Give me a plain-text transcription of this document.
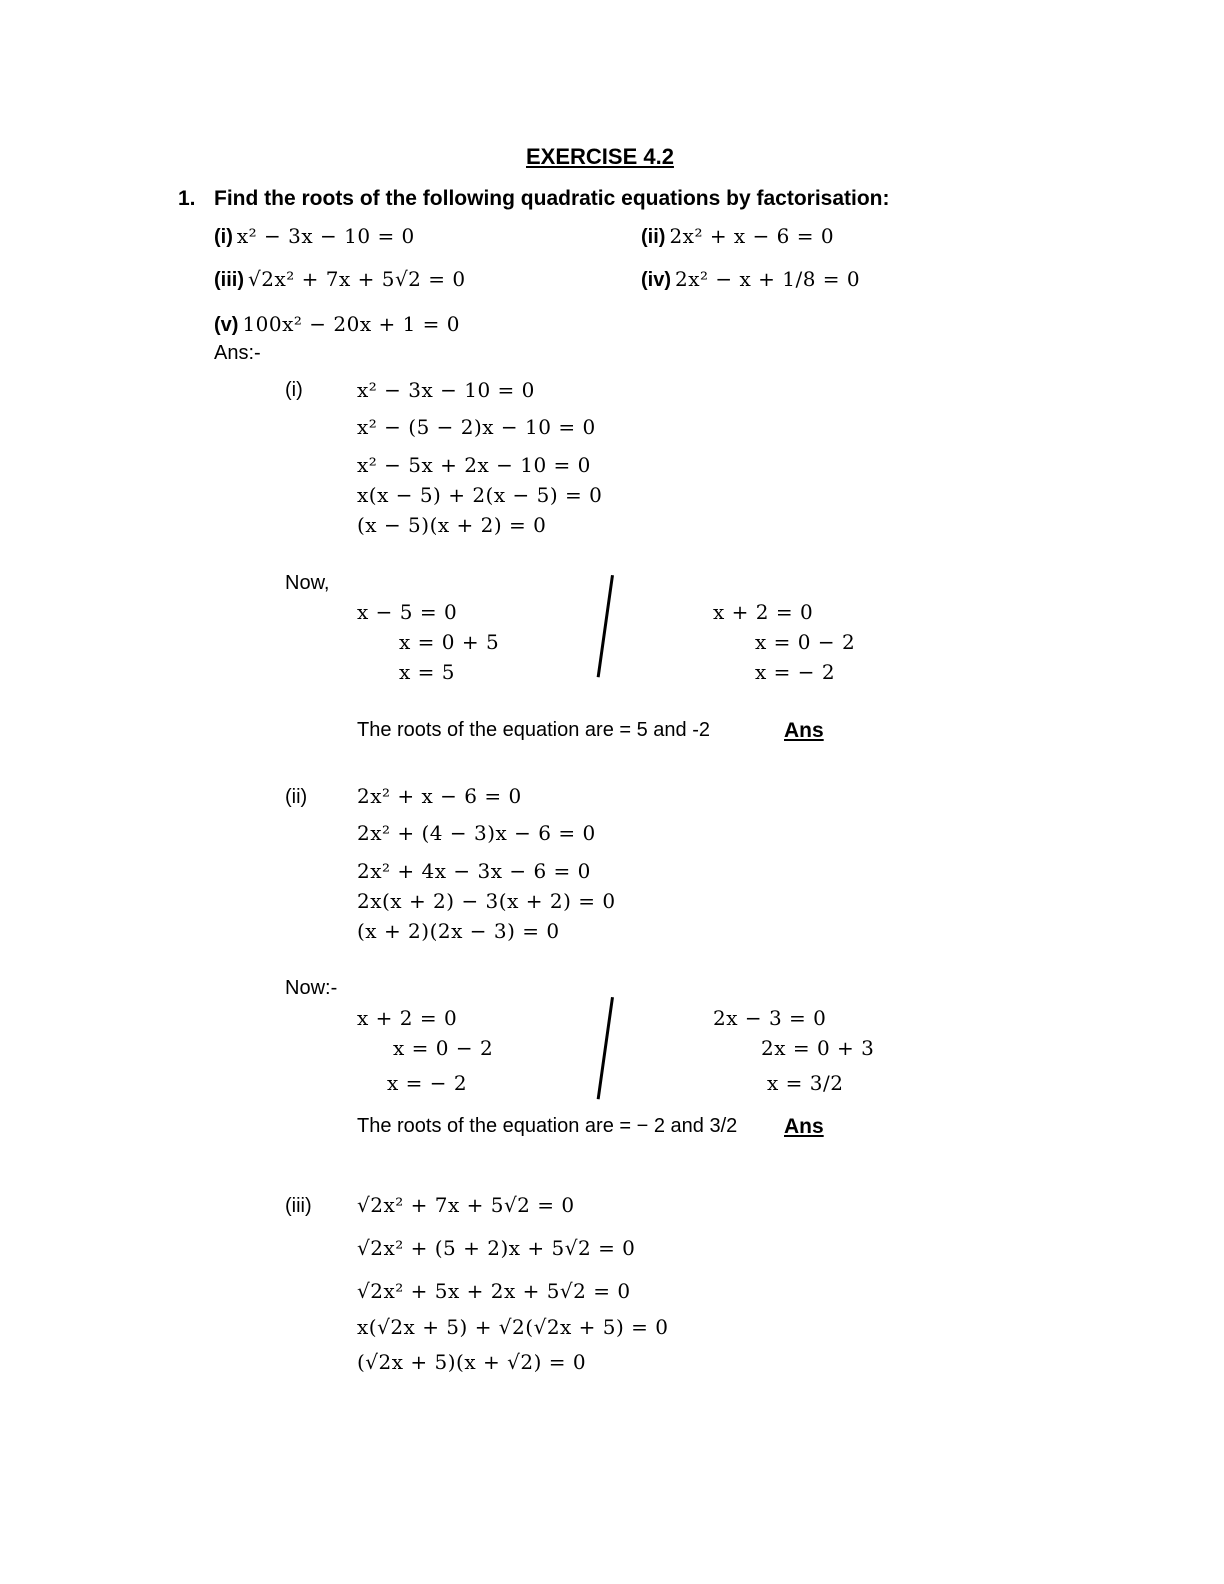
EXERCISE 4.2
1. Find the roots of the following quadratic equations by factorisation:
(i) x² − 3x − 10 = 0	(ii) 2x² + x − 6 = 0
(iii) √2x² + 7x + 5√2 = 0	(iv) 2x² − x + 1/8 = 0
(v) 100x² − 20x + 1 = 0
Ans:-
(i)	x² − 3x − 10 = 0
x² − (5 − 2)x − 10 = 0
x² − 5x + 2x − 10 = 0
x(x − 5) + 2(x − 5) = 0
(x − 5)(x + 2) = 0
Now,
x − 5 = 0
x = 0 + 5
x = 5
x + 2 = 0
x = 0 − 2
x = − 2
The roots of the equation are = 5 and -2	Ans
(ii) 2x² + x − 6 = 0
2x² + (4 − 3)x − 6 = 0
2x² + 4x − 3x − 6 = 0
2x(x + 2) − 3(x + 2) = 0
(x + 2)(2x − 3) = 0
Now:-
x + 2 = 0
x = 0 − 2
x = − 2
2x − 3 = 0
2x = 0 + 3
x = 3/2
The roots of the equation are = − 2 and 3/2 Ans
(iii) √2x² + 7x + 5√2 = 0
√2x² + (5 + 2)x + 5√2 = 0
√2x² + 5x + 2x + 5√2 = 0
x(√2x + 5) + √2(√2x + 5) = 0
(√2x + 5)(x + √2) = 0
